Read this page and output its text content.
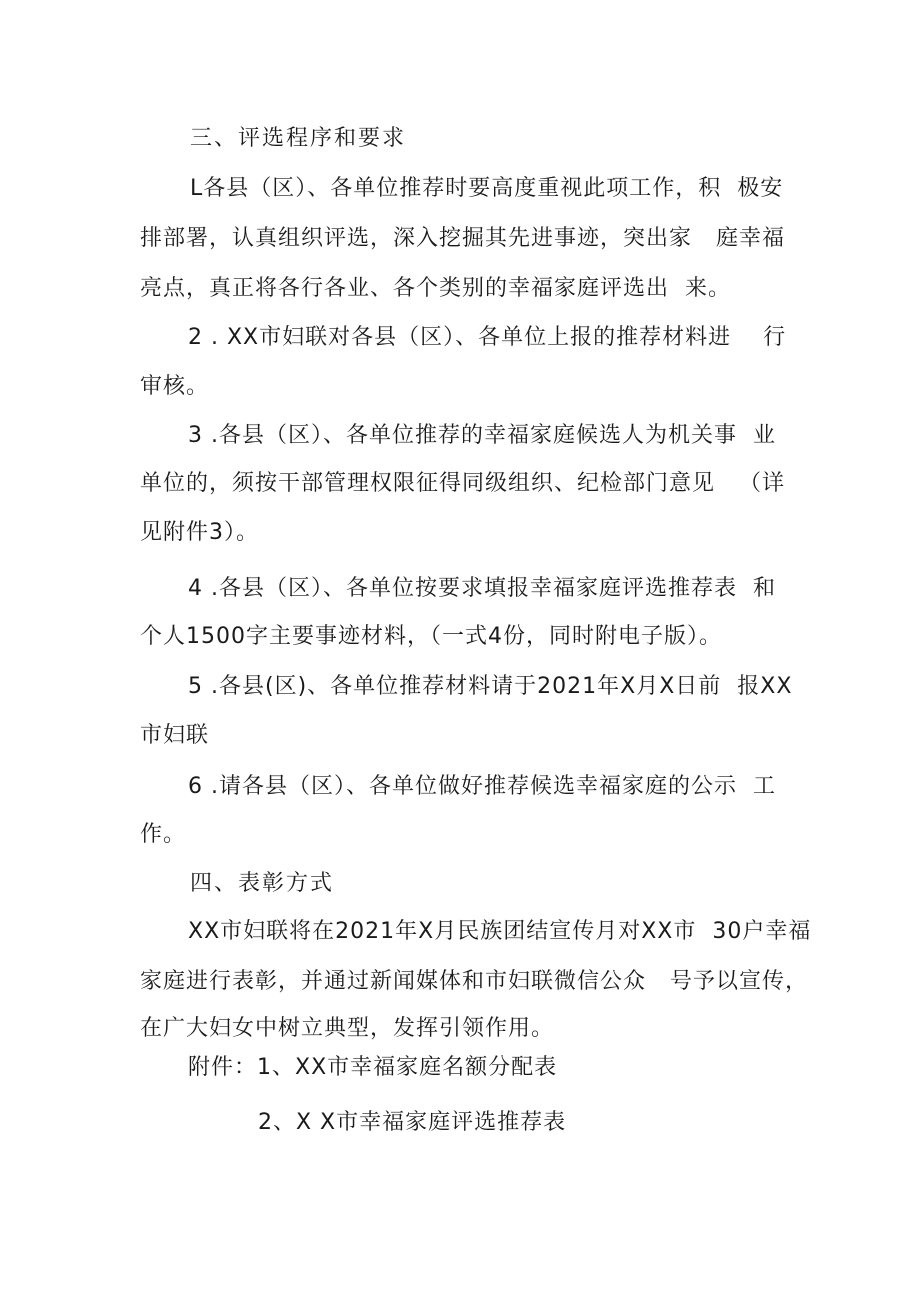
三、评选程序和要求
L各县（区）、各单位推荐时要高度重视此项工作，积  极安
排部署，认真组织评选，深入挖掘其先进事迹，突出家   庭幸福
亮点，真正将各行各业、各个类别的幸福家庭评选出  来。
2 . XX市妇联对各县（区）、各单位上报的推荐材料进    行
审核。
3 .各县（区）、各单位推荐的幸福家庭候选人为机关事  业
单位的，须按干部管理权限征得同级组织、纪检部门意见   （详
见附件3）。
4 .各县（区）、各单位按要求填报幸福家庭评选推荐表  和
个人1500字主要事迹材料，（一式4份，同时附电子版）。
5 .各县(区)、各单位推荐材料请于2021年X月X日前  报XX
市妇联
6 .请各县（区）、各单位做好推荐候选幸福家庭的公示  工
作。
四、表彰方式
XX市妇联将在2021年X月民族团结宣传月对XX市  30户幸福
家庭进行表彰，并通过新闻媒体和市妇联微信公众   号予以宣传，
在广大妇女中树立典型，发挥引领作用。
附件：1、XX市幸福家庭名额分配表
2、X X市幸福家庭评选推荐表
